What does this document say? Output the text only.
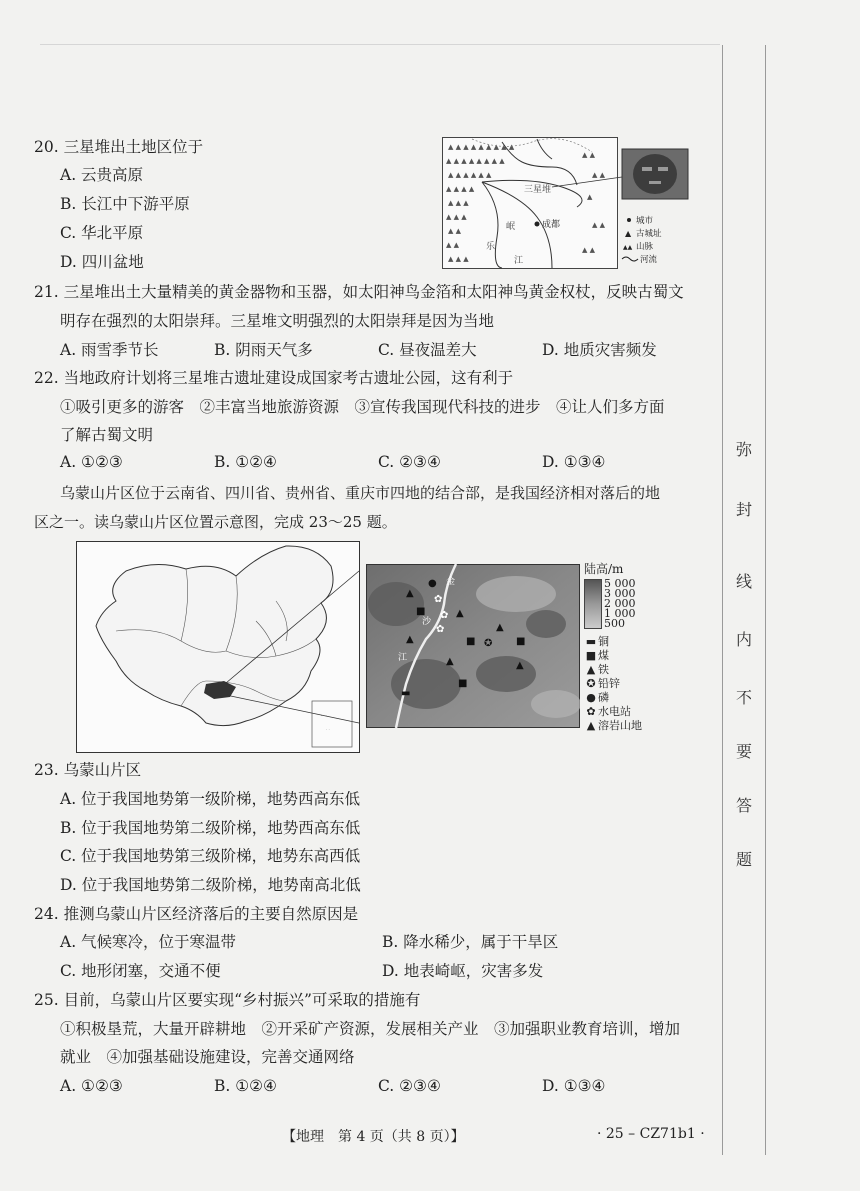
弥
封
线
内
不
要
答
题
20. 三星堆出土地区位于
A. 云贵高原
B. 长江中下游平原
C. 华北平原
D. 四川盆地
▲ ▲ ▲ ▲ ▲ ▲ ▲ ▲ ▲
▲ ▲ ▲ ▲ ▲ ▲ ▲ ▲
▲ ▲ ▲ ▲ ▲ ▲
▲ ▲ ▲ ▲
▲ ▲ ▲
▲ ▲ ▲
▲ ▲
▲ ▲
▲ ▲ ▲
▲ ▲
▲ ▲
▲
▲ ▲
▲ ▲
成都
三星堆
岷
江
乐
城市
▲ 古城址
▲▲ 山脉
河流
21. 三星堆出土大量精美的黄金器物和玉器，如太阳神鸟金箔和太阳神鸟黄金权杖，反映古蜀文
明存在强烈的太阳崇拜。三星堆文明强烈的太阳崇拜是因为当地
A. 雨雪季节长	B. 阴雨天气多	C. 昼夜温差大	D. 地质灾害频发
22. 当地政府计划将三星堆古遗址建设成国家考古遗址公园，这有利于
①吸引更多的游客　②丰富当地旅游资源　③宣传我国现代科技的进步　④让人们多方面
了解古蜀文明
A. ①②③	B. ①②④	C. ②③④	D. ①③④
乌蒙山片区位于云南省、四川省、贵州省、重庆市四地的结合部，是我国经济相对落后的地
区之一。读乌蒙山片区位置示意图，完成 23～25 题。
· · ·
· ·
金
沙
江
▲
●
■
▲
▲
■
▲
▲
✪
▲
■
■
▬
✿
✿
✿
陆高/m
5 000
3 000
2 000
1 000
500
▬ 铜
■ 煤
▲ 铁
✪ 铅锌
● 磷
✿ 水电站
▲ 溶岩山地
23. 乌蒙山片区
A. 位于我国地势第一级阶梯，地势西高东低
B. 位于我国地势第二级阶梯，地势西高东低
C. 位于我国地势第三级阶梯，地势东高西低
D. 位于我国地势第二级阶梯，地势南高北低
24. 推测乌蒙山片区经济落后的主要自然原因是
A. 气候寒冷，位于寒温带	B. 降水稀少，属于干旱区
C. 地形闭塞，交通不便	D. 地表崎岖，灾害多发
25. 目前，乌蒙山片区要实现“乡村振兴”可采取的措施有
①积极垦荒，大量开辟耕地　②开采矿产资源，发展相关产业　③加强职业教育培训，增加
就业　④加强基础设施建设，完善交通网络
A. ①②③	B. ①②④	C. ②③④	D. ①③④
【地理　第 4 页（共 8 页）】	· 25 – CZ71b1 ·
